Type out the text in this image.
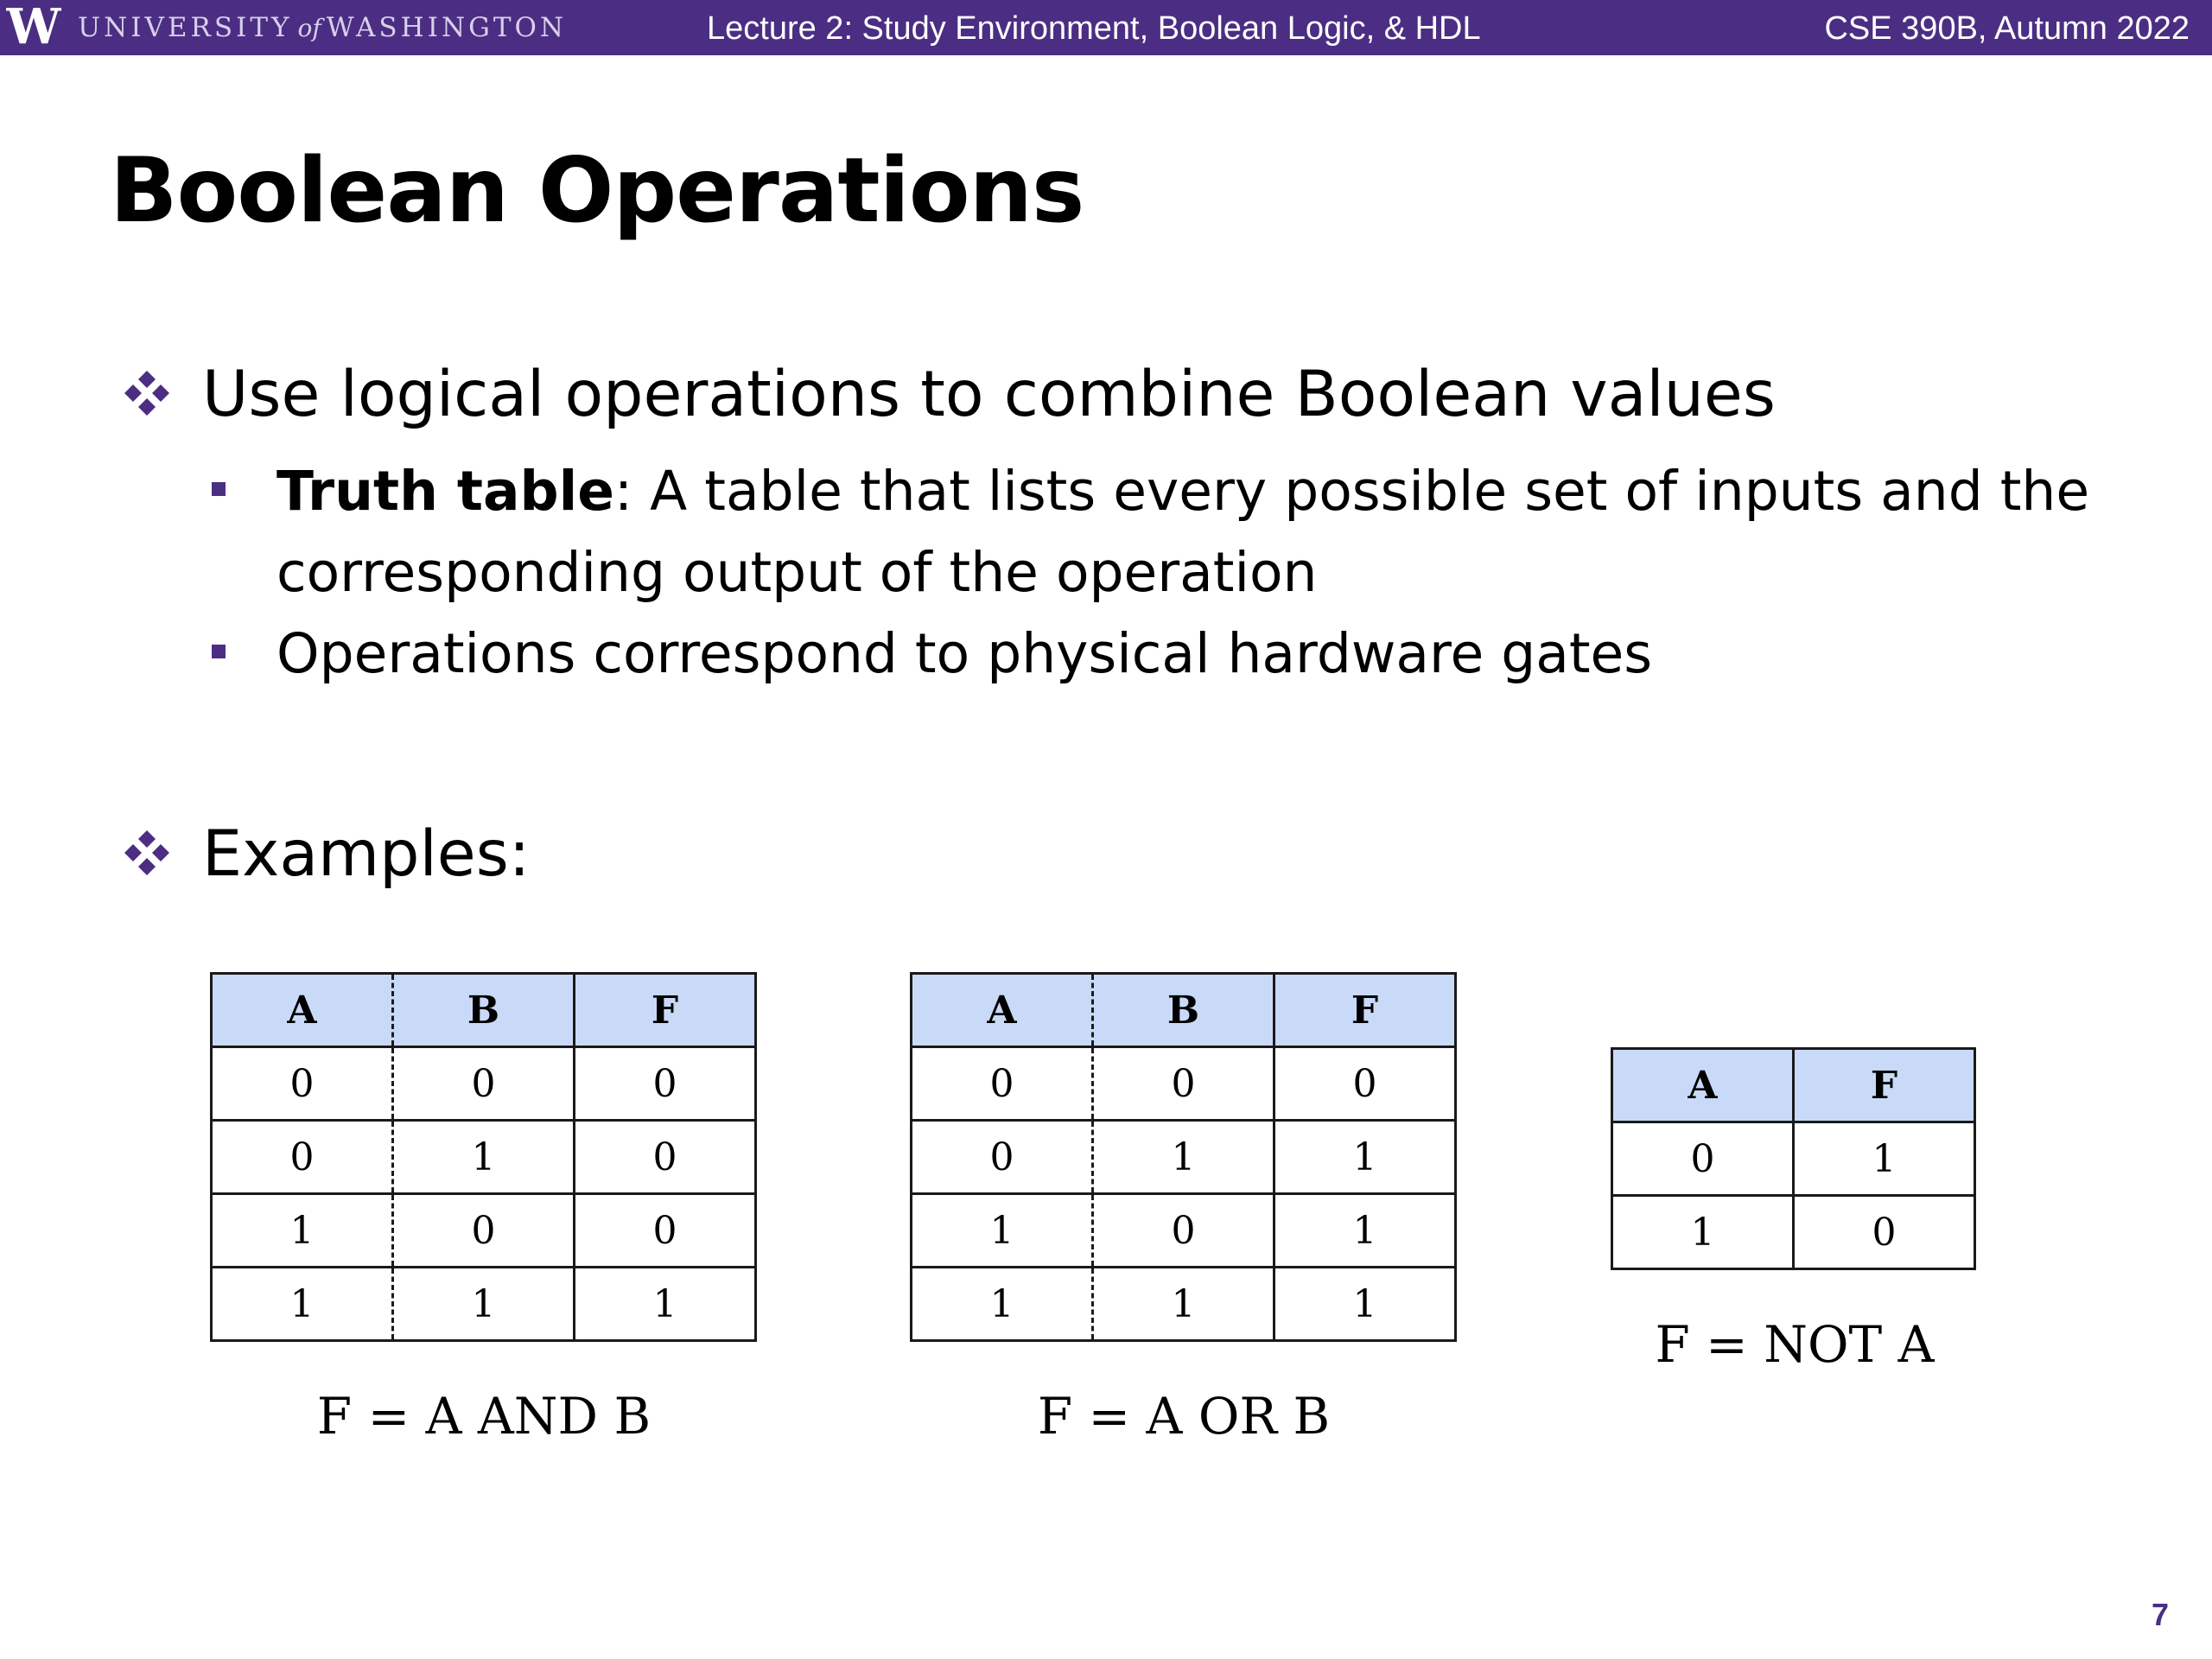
W UNIVERSITY of WASHINGTON	Lecture 2: Study Environment, Boolean Logic, & HDL	CSE 390B, Autumn 2022
Boolean Operations
Use logical operations to combine Boolean values
Truth table: A table that lists every possible set of inputs and the corresponding output of the operation
Operations correspond to physical hardware gates
Examples:
A	B	F
0	0	0
0	1	0
1	0	0
1	1	1
F = A AND B
A	B	F
0	0	0
0	1	1
1	0	1
1	1	1
F = A OR B
A	F
0	1
1	0
F = NOT A
7
